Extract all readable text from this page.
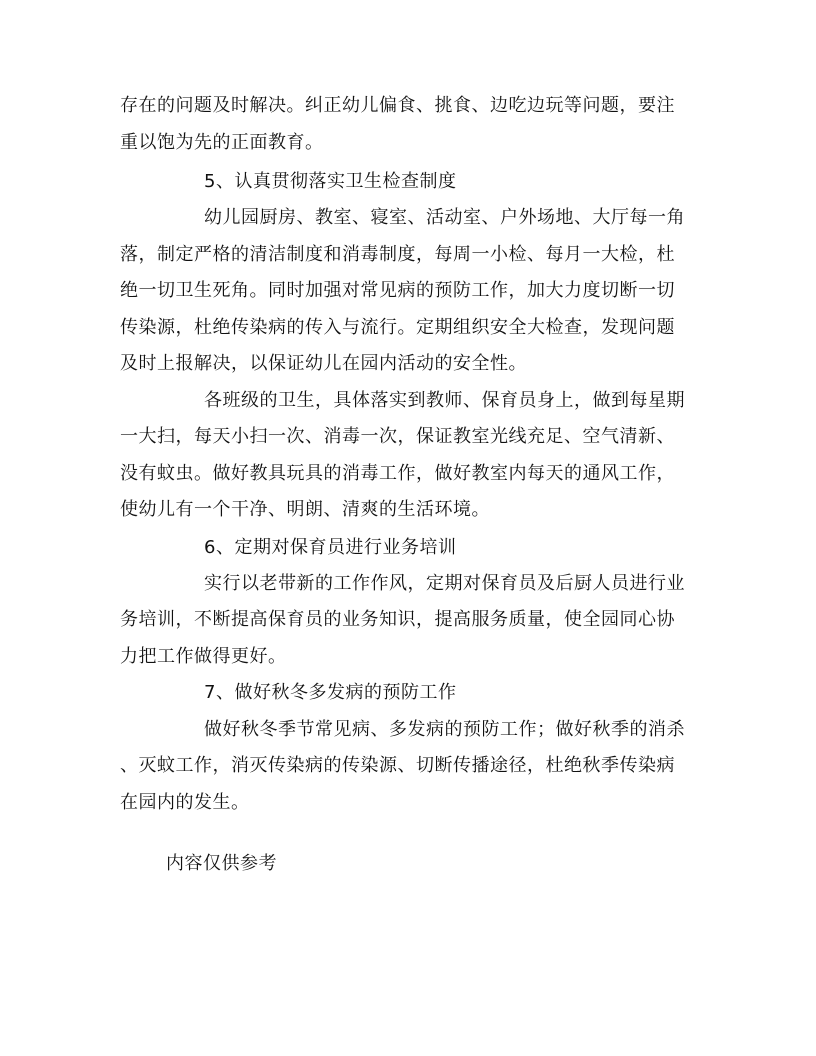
存在的问题及时解决。纠正幼儿偏食、挑食、边吃边玩等问题，要注
重以饱为先的正面教育。
5、认真贯彻落实卫生检查制度
幼儿园厨房、教室、寝室、活动室、户外场地、大厅每一角
落，制定严格的清洁制度和消毒制度，每周一小检、每月一大检，杜
绝一切卫生死角。同时加强对常见病的预防工作，加大力度切断一切
传染源，杜绝传染病的传入与流行。定期组织安全大检查，发现问题
及时上报解决，以保证幼儿在园内活动的安全性。
各班级的卫生，具体落实到教师、保育员身上，做到每星期
一大扫，每天小扫一次、消毒一次，保证教室光线充足、空气清新、
没有蚊虫。做好教具玩具的消毒工作，做好教室内每天的通风工作，
使幼儿有一个干净、明朗、清爽的生活环境。
6、定期对保育员进行业务培训
实行以老带新的工作作风，定期对保育员及后厨人员进行业
务培训，不断提高保育员的业务知识，提高服务质量，使全园同心协
力把工作做得更好。
7、做好秋冬多发病的预防工作
做好秋冬季节常见病、多发病的预防工作；做好秋季的消杀
、灭蚊工作，消灭传染病的传染源、切断传播途径，杜绝秋季传染病
在园内的发生。
内容仅供参考
